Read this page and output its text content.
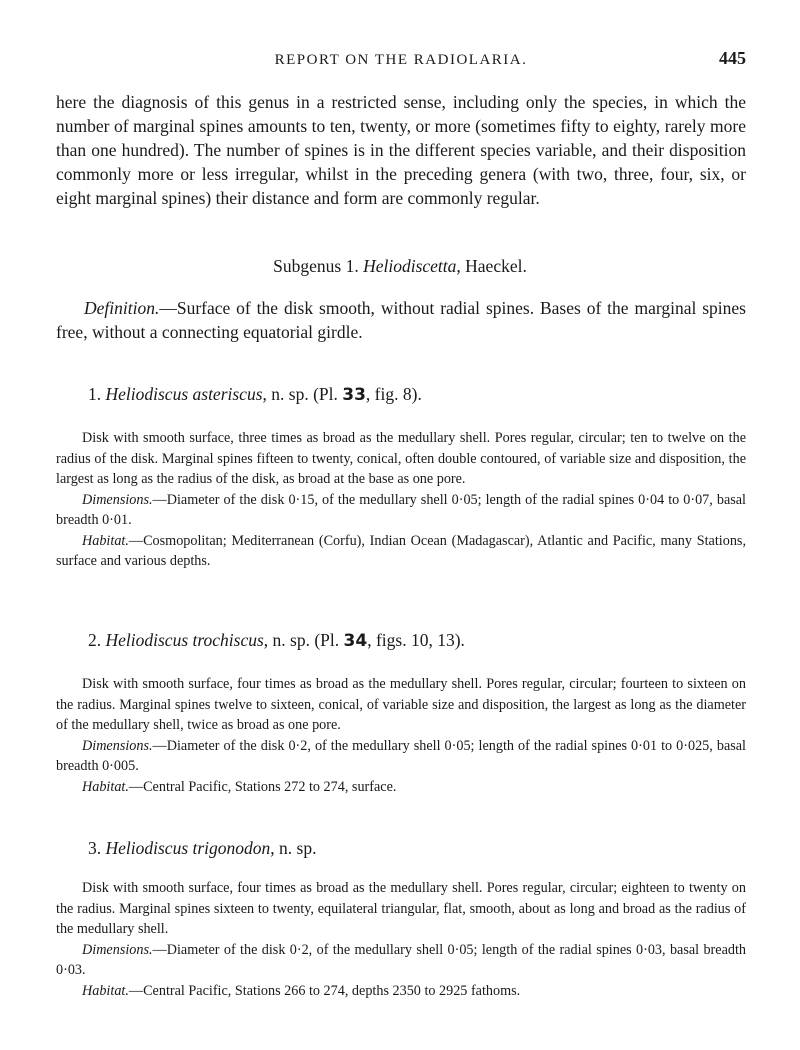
REPORT ON THE RADIOLARIA.	445
here the diagnosis of this genus in a restricted sense, including only the species, in which the number of marginal spines amounts to ten, twenty, or more (sometimes fifty to eighty, rarely more than one hundred). The number of spines is in the different species variable, and their disposition commonly more or less irregular, whilst in the preceding genera (with two, three, four, six, or eight marginal spines) their distance and form are commonly regular.
Subgenus 1. Heliodiscetta, Haeckel.
Definition.—Surface of the disk smooth, without radial spines. Bases of the marginal spines free, without a connecting equatorial girdle.
1. Heliodiscus asteriscus, n. sp. (Pl. 33, fig. 8).

Disk with smooth surface, three times as broad as the medullary shell. Pores regular, circular; ten to twelve on the radius of the disk. Marginal spines fifteen to twenty, conical, often double contoured, of variable size and disposition, the largest as long as the radius of the disk, as broad at the base as one pore.

Dimensions.—Diameter of the disk 0·15, of the medullary shell 0·05; length of the radial spines 0·04 to 0·07, basal breadth 0·01.

Habitat.—Cosmopolitan; Mediterranean (Corfu), Indian Ocean (Madagascar), Atlantic and Pacific, many Stations, surface and various depths.

2. Heliodiscus trochiscus, n. sp. (Pl. 34, figs. 10, 13).

Disk with smooth surface, four times as broad as the medullary shell. Pores regular, circular; fourteen to sixteen on the radius. Marginal spines twelve to sixteen, conical, of variable size and disposition, the largest as long as the diameter of the medullary shell, twice as broad as one pore.

Dimensions.—Diameter of the disk 0·2, of the medullary shell 0·05; length of the radial spines 0·01 to 0·025, basal breadth 0·005.

Habitat.—Central Pacific, Stations 272 to 274, surface.

3. Heliodiscus trigonodon, n. sp.

Disk with smooth surface, four times as broad as the medullary shell. Pores regular, circular; eighteen to twenty on the radius. Marginal spines sixteen to twenty, equilateral triangular, flat, smooth, about as long and broad as the radius of the medullary shell.

Dimensions.—Diameter of the disk 0·2, of the medullary shell 0·05; length of the radial spines 0·03, basal breadth 0·03.

Habitat.—Central Pacific, Stations 266 to 274, depths 2350 to 2925 fathoms.
